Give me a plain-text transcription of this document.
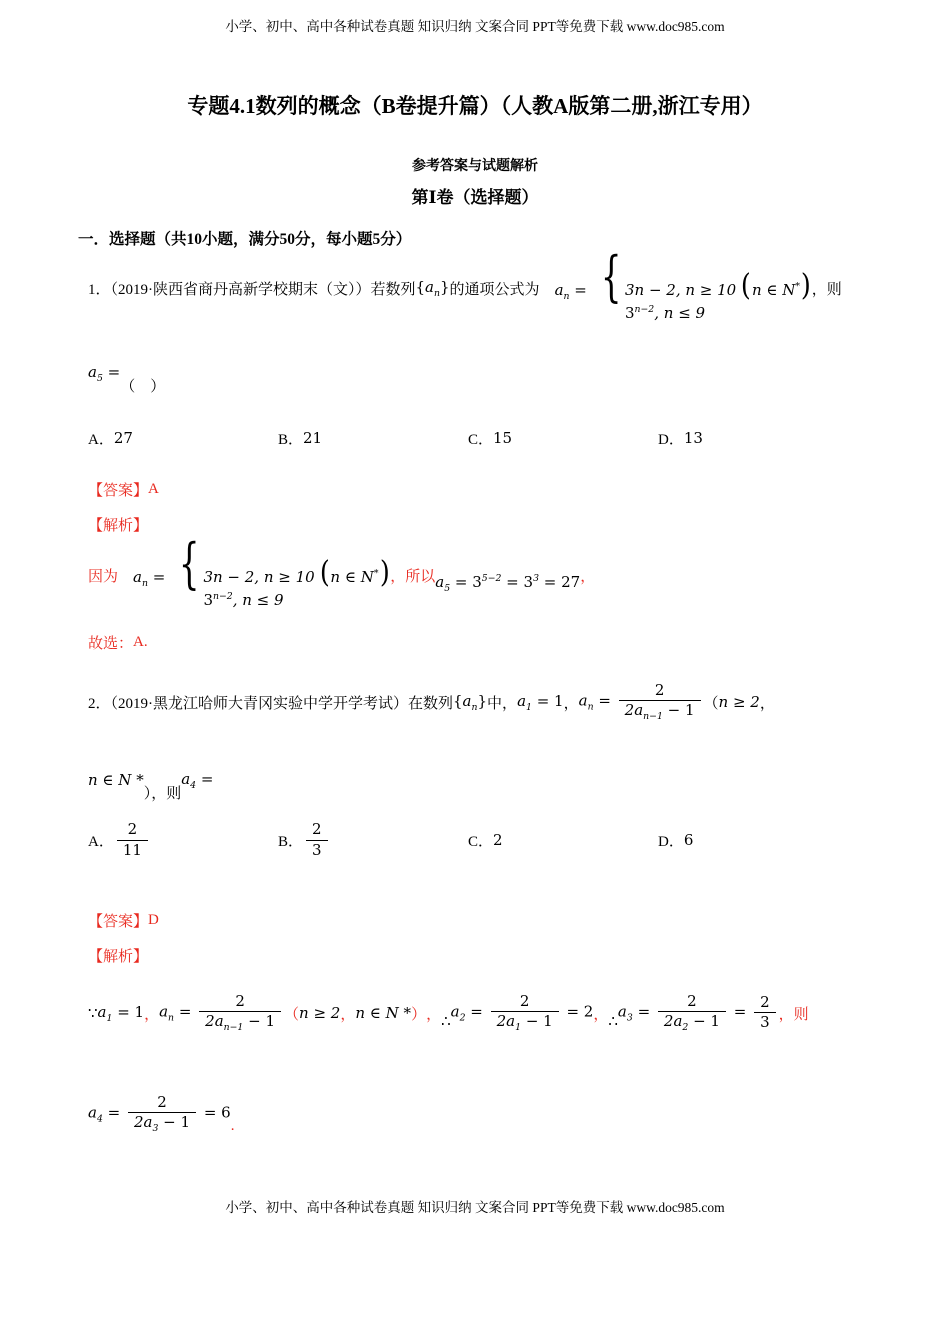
小学、初中、高中各种试卷真题 知识归纳 文案合同 PPT等免费下载 www.doc985.com
专题4.1数列的概念（B卷提升篇）（人教A版第二册,浙江专用）
参考答案与试题解析
第Ⅰ卷（选择题）
一．选择题（共10小题，满分50分，每小题5分）
1．（2019·陕西省商丹高新学校期末（文））若数列 $\{a_n\}$ 的通项公式为	$a_n$ = { 3n − 2, n ≥ 10
$3^{n-2}$, n ≤ 9
(n ∈ N*)
，则
$a_5$ =
（　）
A． 27	B． 21	C． 15	D． 13
【答案】 A
【解析】
因为	$a_n$ = { 3n − 2, n ≥ 10
$3^{n-2}$, n ≤ 9
(n ∈ N*)
， 所以 $a_5 = 3^{5-2} = 3^3 = 27$ ，
故选： A.
2．（2019·黑龙江哈师大青冈实验中学开学考试）在数列 $\{a_n\}$ 中， $a_1 = 1$ ， $a_n = \frac{2}{2a_{n-1} - 1}$ （ n ≥ 2 ，
n ∈ N *
），则
$a_4$ =
A． $\frac{2}{11}$	B． $\frac{2}{3}$	C． 2	D． 6
【答案】 D
【解析】
∵ $a_1 = 1$ ， $a_n = \frac{2}{2a_{n-1} - 1}$ （ n ≥ 2 ， n ∈ N * ） ， ∴
$a_2 = \frac{2}{2a_1 - 1} = 2$ ， ∴
$a_3 = \frac{2}{2a_2 - 1} = \frac{2}{3}$ ， 则
$a_4 = \frac{2}{2a_3 - 1} = 6$
.
小学、初中、高中各种试卷真题 知识归纳 文案合同 PPT等免费下载 www.doc985.com
